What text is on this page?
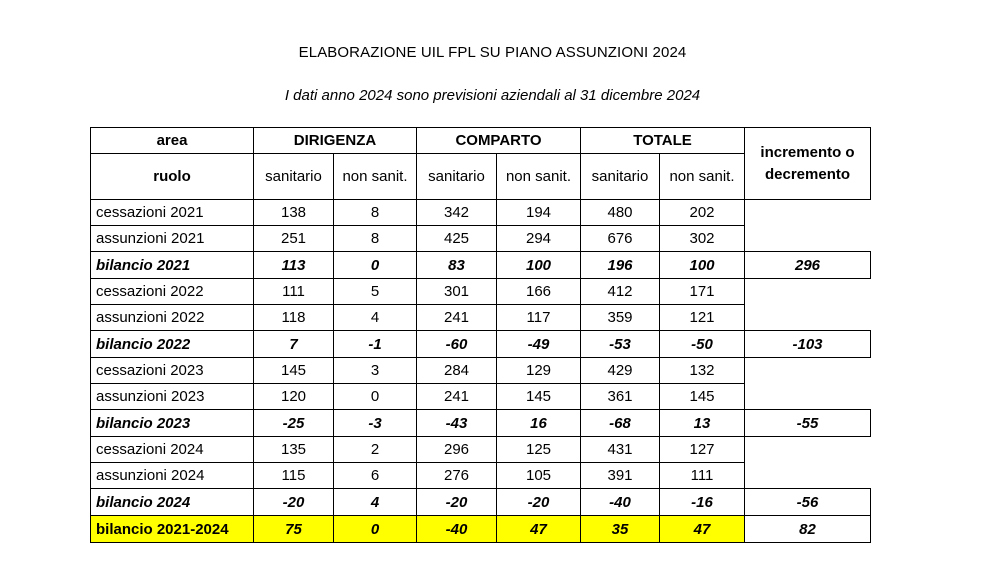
ELABORAZIONE UIL FPL SU PIANO ASSUNZIONI 2024
I dati anno 2024 sono previsioni aziendali al 31 dicembre 2024
area	DIRIGENZA		COMPARTO		TOTALE		incremento o decremento
ruolo	sanitario	non sanit.	sanitario	non sanit.	sanitario	non sanit.	
cessazioni 2021	138	8	342	194	480	202	
assunzioni 2021	251	8	425	294	676	302	
bilancio 2021	113	0	83	100	196	100	296
cessazioni 2022	111	5	301	166	412	171	
assunzioni 2022	118	4	241	117	359	121	
bilancio 2022	7	-1	-60	-49	-53	-50	-103
cessazioni 2023	145	3	284	129	429	132	
assunzioni 2023	120	0	241	145	361	145	
bilancio 2023	-25	-3	-43	16	-68	13	-55
cessazioni 2024	135	2	296	125	431	127	
assunzioni 2024	115	6	276	105	391	111	
bilancio 2024	-20	4	-20	-20	-40	-16	-56
bilancio 2021-2024	75	0	-40	47	35	47	82
